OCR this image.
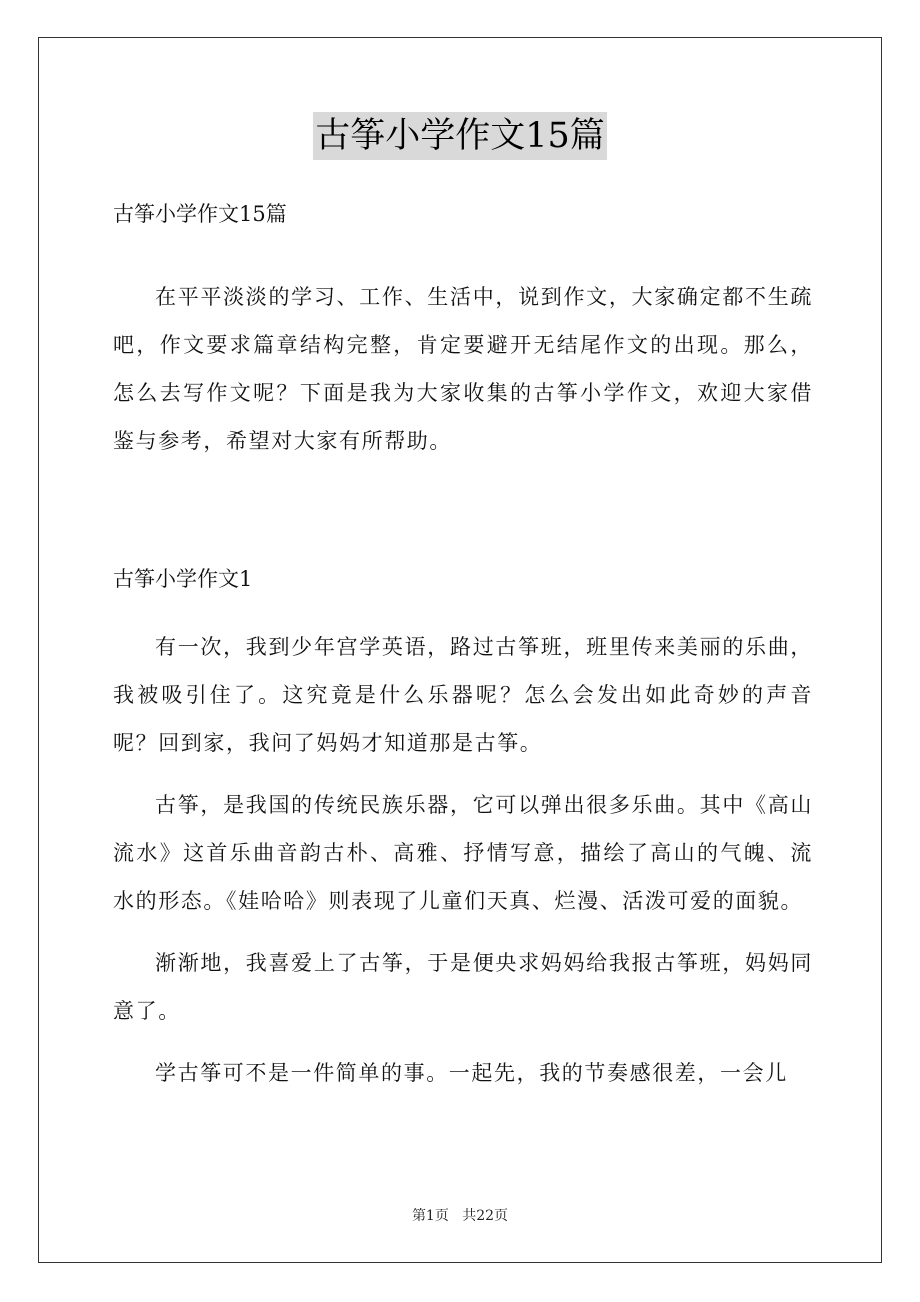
古筝小学作文15篇

古筝小学作文15篇

在平平淡淡的学习、工作、生活中，说到作文，大家确定都不生疏吧，作文要求篇章结构完整，肯定要避开无结尾作文的出现。那么，怎么去写作文呢？下面是我为大家收集的古筝小学作文，欢迎大家借鉴与参考，希望对大家有所帮助。

古筝小学作文1

有一次，我到少年宫学英语，路过古筝班，班里传来美丽的乐曲，我被吸引住了。这究竟是什么乐器呢？怎么会发出如此奇妙的声音呢？回到家，我问了妈妈才知道那是古筝。

古筝，是我国的传统民族乐器，它可以弹出很多乐曲。其中《高山流水》这首乐曲音韵古朴、高雅、抒情写意，描绘了高山的气魄、流水的形态。《娃哈哈》则表现了儿童们天真、烂漫、活泼可爱的面貌。

渐渐地，我喜爱上了古筝，于是便央求妈妈给我报古筝班，妈妈同意了。

学古筝可不是一件简单的事。一起先，我的节奏感很差，一会儿

第1页 共22页
